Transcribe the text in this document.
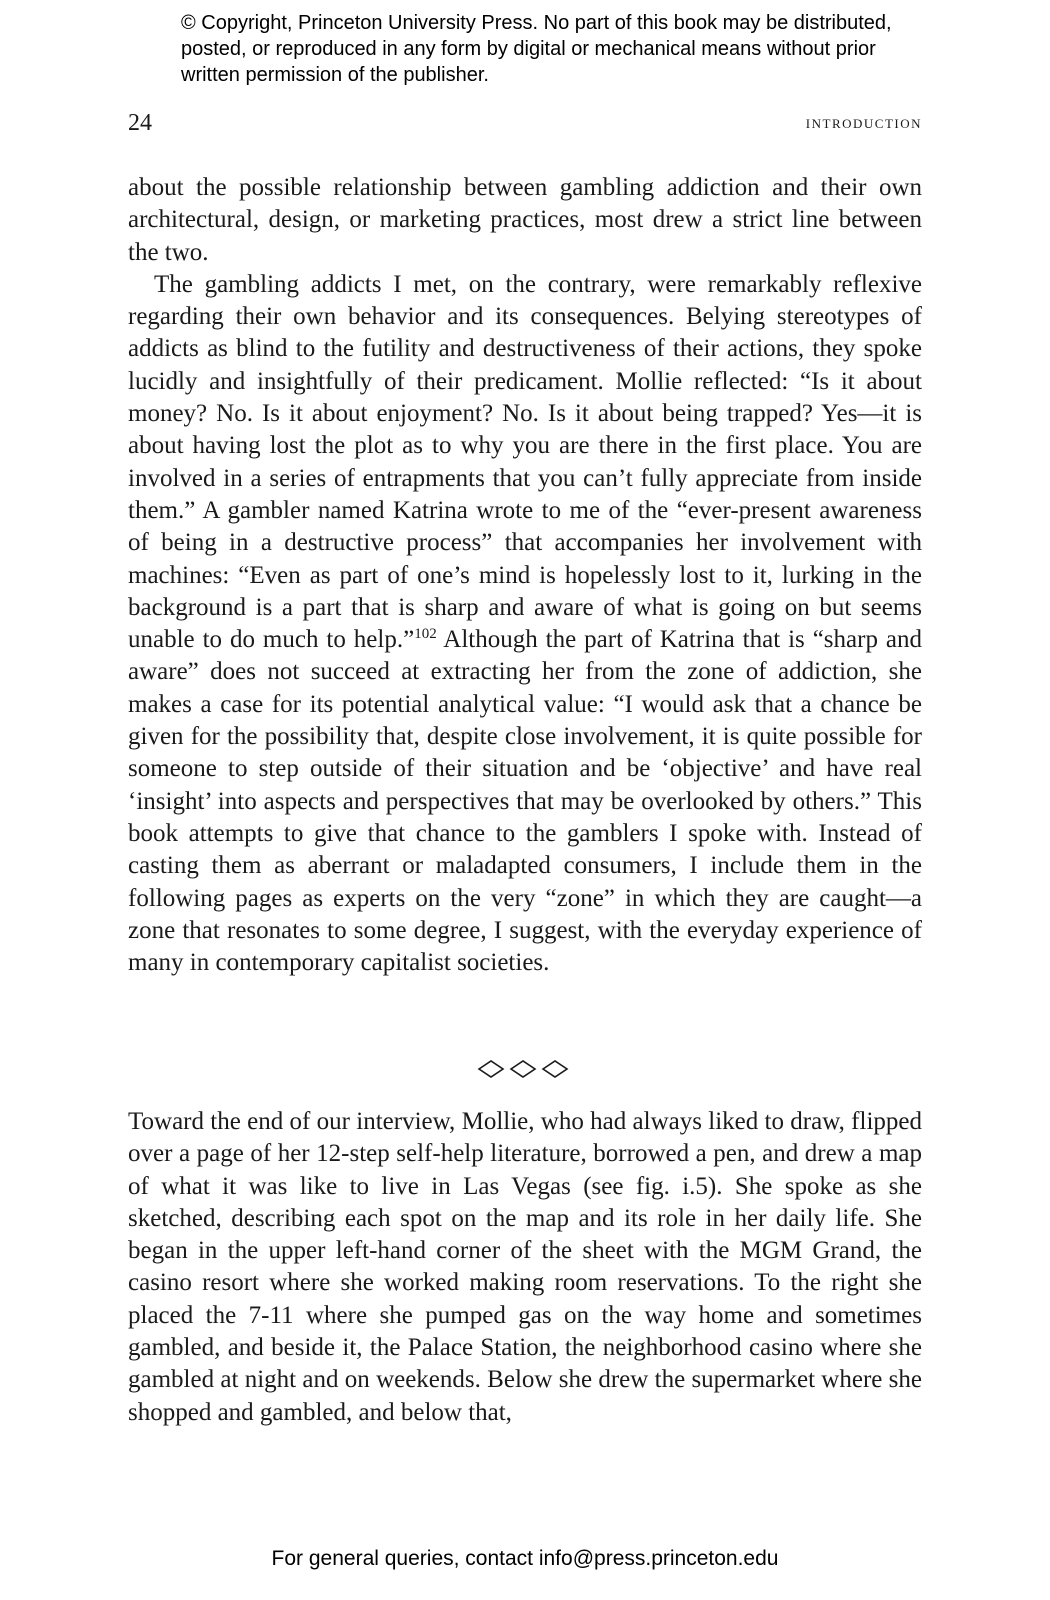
© Copyright, Princeton University Press. No part of this book may be distributed, posted, or reproduced in any form by digital or mechanical means without prior written permission of the publisher.
24	introduction

about the possible relationship between gambling addiction and their own architectural, design, or marketing practices, most drew a strict line between the two.

The gambling addicts I met, on the contrary, were remarkably reflexive regarding their own behavior and its consequences. Belying stereotypes of addicts as blind to the futility and destructiveness of their actions, they spoke lucidly and insightfully of their predicament. Mollie reflected: “Is it about money? No. Is it about enjoyment? No. Is it about being trapped? Yes—it is about having lost the plot as to why you are there in the first place. You are involved in a series of entrapments that you can’t fully appreciate from inside them.” A gambler named Katrina wrote to me of the “ever-present awareness of being in a destructive process” that accompanies her involvement with machines: “Even as part of one’s mind is hopelessly lost to it, lurking in the background is a part that is sharp and aware of what is going on but seems unable to do much to help.”$^{102}$ Although the part of Katrina that is “sharp and aware” does not succeed at extracting her from the zone of addiction, she makes a case for its potential analytical value: “I would ask that a chance be given for the possibility that, despite close involvement, it is quite possible for someone to step outside of their situation and be ‘objective’ and have real ‘insight’ into aspects and perspectives that may be overlooked by others.” This book attempts to give that chance to the gamblers I spoke with. Instead of casting them as aberrant or maladapted consumers, I include them in the following pages as experts on the very “zone” in which they are caught—a zone that resonates to some degree, I suggest, with the everyday experience of many in contemporary capitalist societies.

Toward the end of our interview, Mollie, who had always liked to draw, flipped over a page of her 12-step self-help literature, borrowed a pen, and drew a map of what it was like to live in Las Vegas (see fig. i.5). She spoke as she sketched, describing each spot on the map and its role in her daily life. She began in the upper left-hand corner of the sheet with the MGM Grand, the casino resort where she worked making room reservations. To the right she placed the 7-11 where she pumped gas on the way home and sometimes gambled, and beside it, the Palace Station, the neighborhood casino where she gambled at night and on weekends. Below she drew the supermarket where she shopped and gambled, and below that,

For general queries, contact info@press.princeton.edu
